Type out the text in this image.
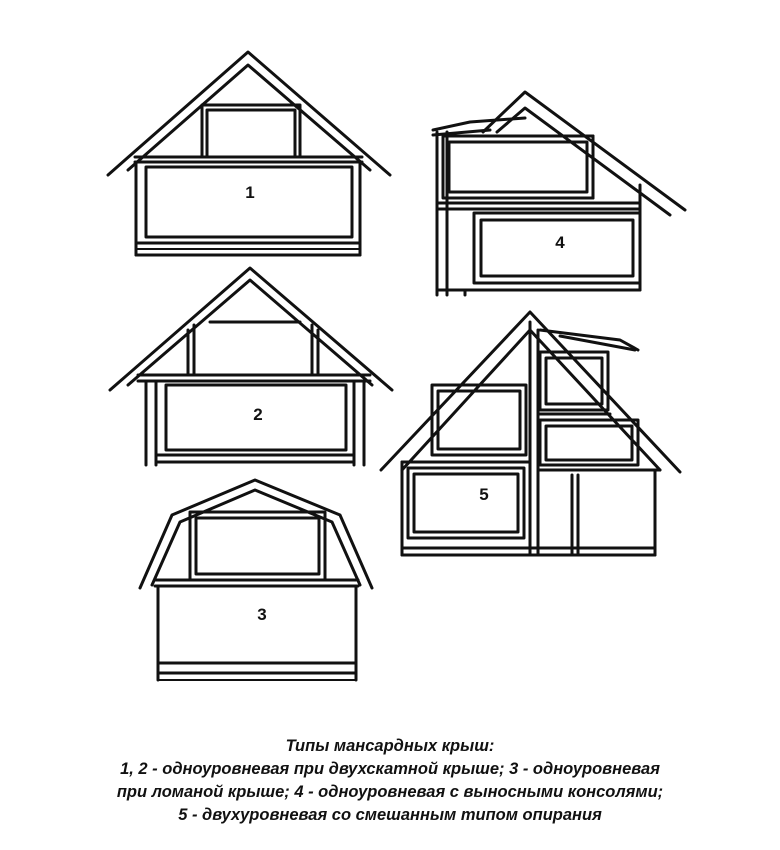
1
4
2
5
3
Типы мансардных крыш:
1, 2 - одноуровневая при двухскатной крыше; 3 - одноуровневая
при ломаной крыше; 4 - одноуровневая с выносными консолями;
5 - двухуровневая со смешанным типом опирания
